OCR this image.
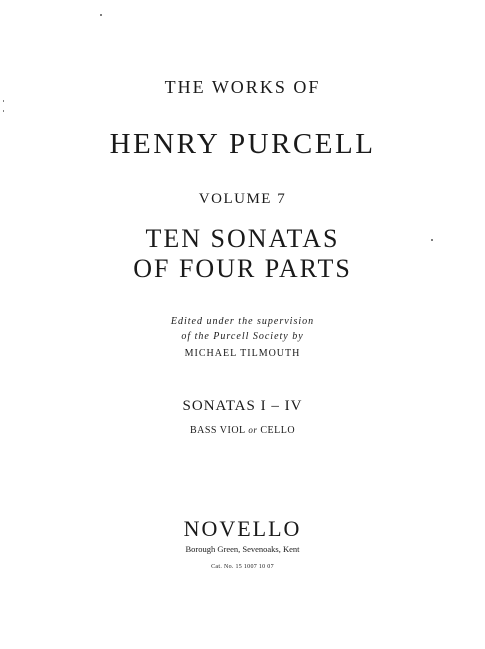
THE WORKS OF
HENRY PURCELL
VOLUME 7
TEN SONATAS
OF FOUR PARTS
Edited under the supervision
of the Purcell Society by
MICHAEL TILMOUTH
SONATAS I – IV
BASS VIOL or CELLO
NOVELLO
Borough Green, Sevenoaks, Kent
Cat. No. 15 1007 10 07
